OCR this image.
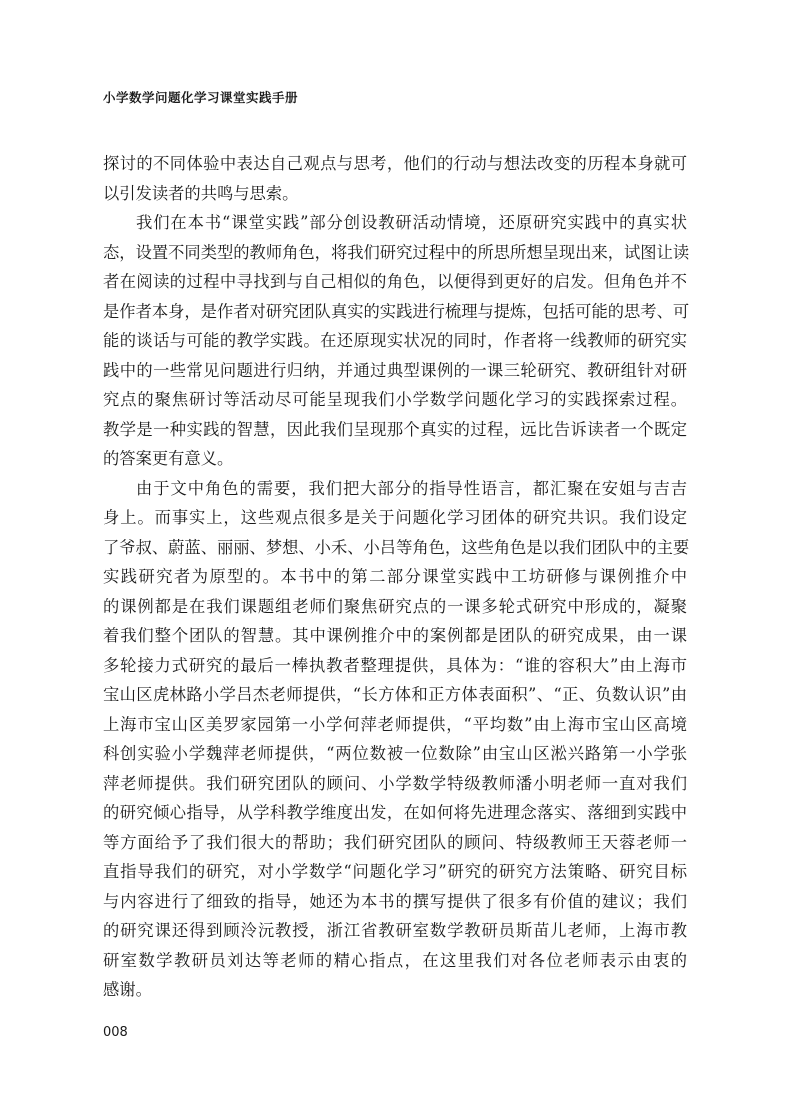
小学数学问题化学习课堂实践手册
探讨的不同体验中表达自己观点与思考，他们的行动与想法改变的历程本身就可
以引发读者的共鸣与思索。
我们在本书“课堂实践”部分创设教研活动情境，还原研究实践中的真实状
态，设置不同类型的教师角色，将我们研究过程中的所思所想呈现出来，试图让读
者在阅读的过程中寻找到与自己相似的角色，以便得到更好的启发。但角色并不
是作者本身，是作者对研究团队真实的实践进行梳理与提炼，包括可能的思考、可
能的谈话与可能的教学实践。在还原现实状况的同时，作者将一线教师的研究实
践中的一些常见问题进行归纳，并通过典型课例的一课三轮研究、教研组针对研
究点的聚焦研讨等活动尽可能呈现我们小学数学问题化学习的实践探索过程。
教学是一种实践的智慧，因此我们呈现那个真实的过程，远比告诉读者一个既定
的答案更有意义。
由于文中角色的需要，我们把大部分的指导性语言，都汇聚在安姐与吉吉
身上。而事实上，这些观点很多是关于问题化学习团体的研究共识。我们设定
了爷叔、蔚蓝、丽丽、梦想、小禾、小吕等角色，这些角色是以我们团队中的主要
实践研究者为原型的。本书中的第二部分课堂实践中工坊研修与课例推介中
的课例都是在我们课题组老师们聚焦研究点的一课多轮式研究中形成的，凝聚
着我们整个团队的智慧。其中课例推介中的案例都是团队的研究成果，由一课
多轮接力式研究的最后一棒执教者整理提供，具体为：“谁的容积大”由上海市
宝山区虎林路小学吕杰老师提供，“长方体和正方体表面积”、“正、负数认识”由
上海市宝山区美罗家园第一小学何萍老师提供，“平均数”由上海市宝山区高境
科创实验小学魏萍老师提供，“两位数被一位数除”由宝山区淞兴路第一小学张
萍老师提供。我们研究团队的顾问、小学数学特级教师潘小明老师一直对我们
的研究倾心指导，从学科教学维度出发，在如何将先进理念落实、落细到实践中
等方面给予了我们很大的帮助；我们研究团队的顾问、特级教师王天蓉老师一
直指导我们的研究，对小学数学“问题化学习”研究的研究方法策略、研究目标
与内容进行了细致的指导，她还为本书的撰写提供了很多有价值的建议；我们
的研究课还得到顾泠沅教授，浙江省教研室数学教研员斯苗儿老师，上海市教
研室数学教研员刘达等老师的精心指点，在这里我们对各位老师表示由衷的
感谢。
008
